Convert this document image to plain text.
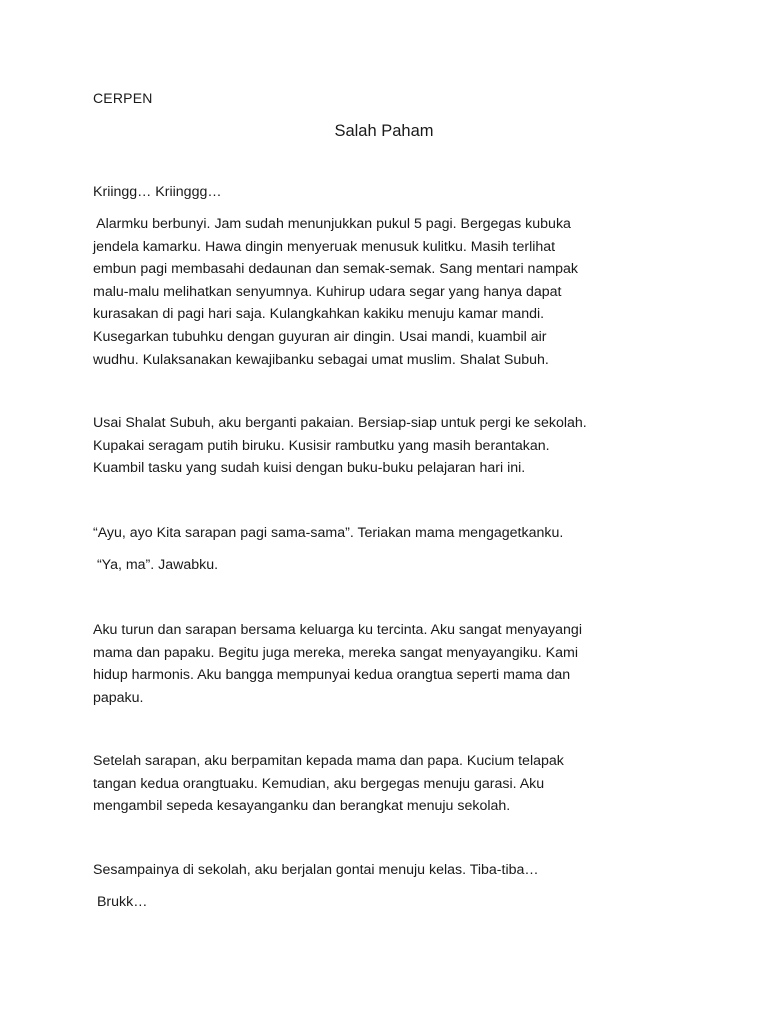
CERPEN
Salah Paham
Kriingg… Kriinggg…
Alarmku berbunyi. Jam sudah menunjukkan pukul 5 pagi. Bergegas kubuka
jendela kamarku. Hawa dingin menyeruak menusuk kulitku. Masih terlihat
embun pagi membasahi dedaunan dan semak-semak. Sang mentari nampak
malu-malu melihatkan senyumnya. Kuhirup udara segar yang hanya dapat
kurasakan di pagi hari saja. Kulangkahkan kakiku menuju kamar mandi.
Kusegarkan tubuhku dengan guyuran air dingin. Usai mandi, kuambil air
wudhu. Kulaksanakan kewajibanku sebagai umat muslim. Shalat Subuh.
Usai Shalat Subuh, aku berganti pakaian. Bersiap-siap untuk pergi ke sekolah.
Kupakai seragam putih biruku. Kusisir rambutku yang masih berantakan.
Kuambil tasku yang sudah kuisi dengan buku-buku pelajaran hari ini.
“Ayu, ayo Kita sarapan pagi sama-sama”. Teriakan mama mengagetkanku.
“Ya, ma”. Jawabku.
Aku turun dan sarapan bersama keluarga ku tercinta. Aku sangat menyayangi
mama dan papaku. Begitu juga mereka, mereka sangat menyayangiku. Kami
hidup harmonis. Aku bangga mempunyai kedua orangtua seperti mama dan
papaku.
Setelah sarapan, aku berpamitan kepada mama dan papa. Kucium telapak
tangan kedua orangtuaku. Kemudian, aku bergegas menuju garasi. Aku
mengambil sepeda kesayanganku dan berangkat menuju sekolah.
Sesampainya di sekolah, aku berjalan gontai menuju kelas. Tiba-tiba…
Brukk…
